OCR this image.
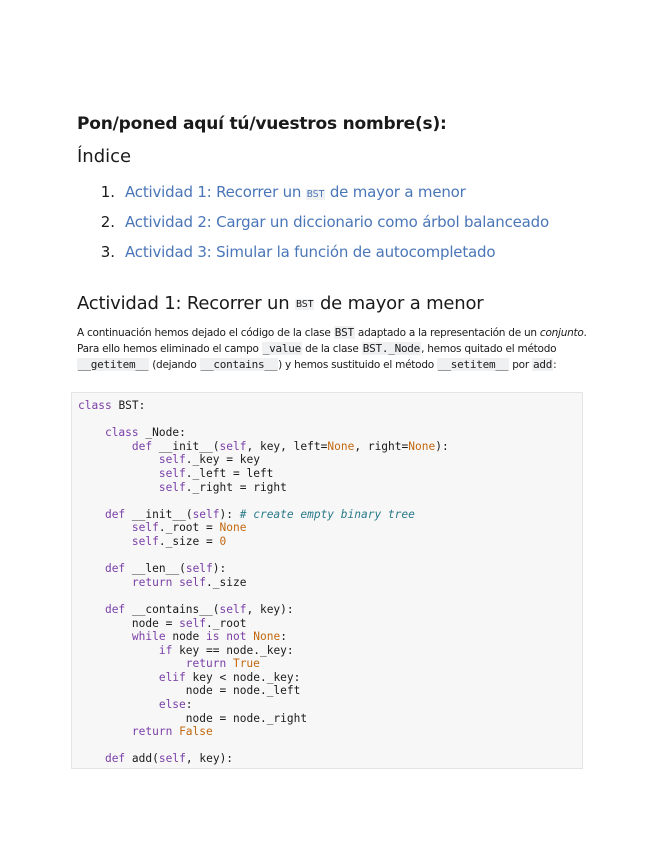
Pon/poned aquí tú/vuestros nombre(s):
Índice
1. Actividad 1: Recorrer un BST de mayor a menor
2. Actividad 2: Cargar un diccionario como árbol balanceado
3. Actividad 3: Simular la función de autocompletado
Actividad 1: Recorrer un BST de mayor a menor

A continuación hemos dejado el código de la clase BST adaptado a la representación de un conjunto. Para ello hemos eliminado el campo _value de la clase BST._Node, hemos quitado el método __getitem__ (dejando __contains__) y hemos sustituido el método __setitem__ por add:

class BST:

class _Node:
def __init__(self, key, left=None, right=None):
self._key = key
self._left = left
self._right = right

def __init__(self): # create empty binary tree
self._root = None
self._size = 0

def __len__(self):
return self._size

def __contains__(self, key):
node = self._root
while node is not None:
if key == node._key:
return True
elif key < node._key:
node = node._left
else:
node = node._right
return False

def add(self, key):
